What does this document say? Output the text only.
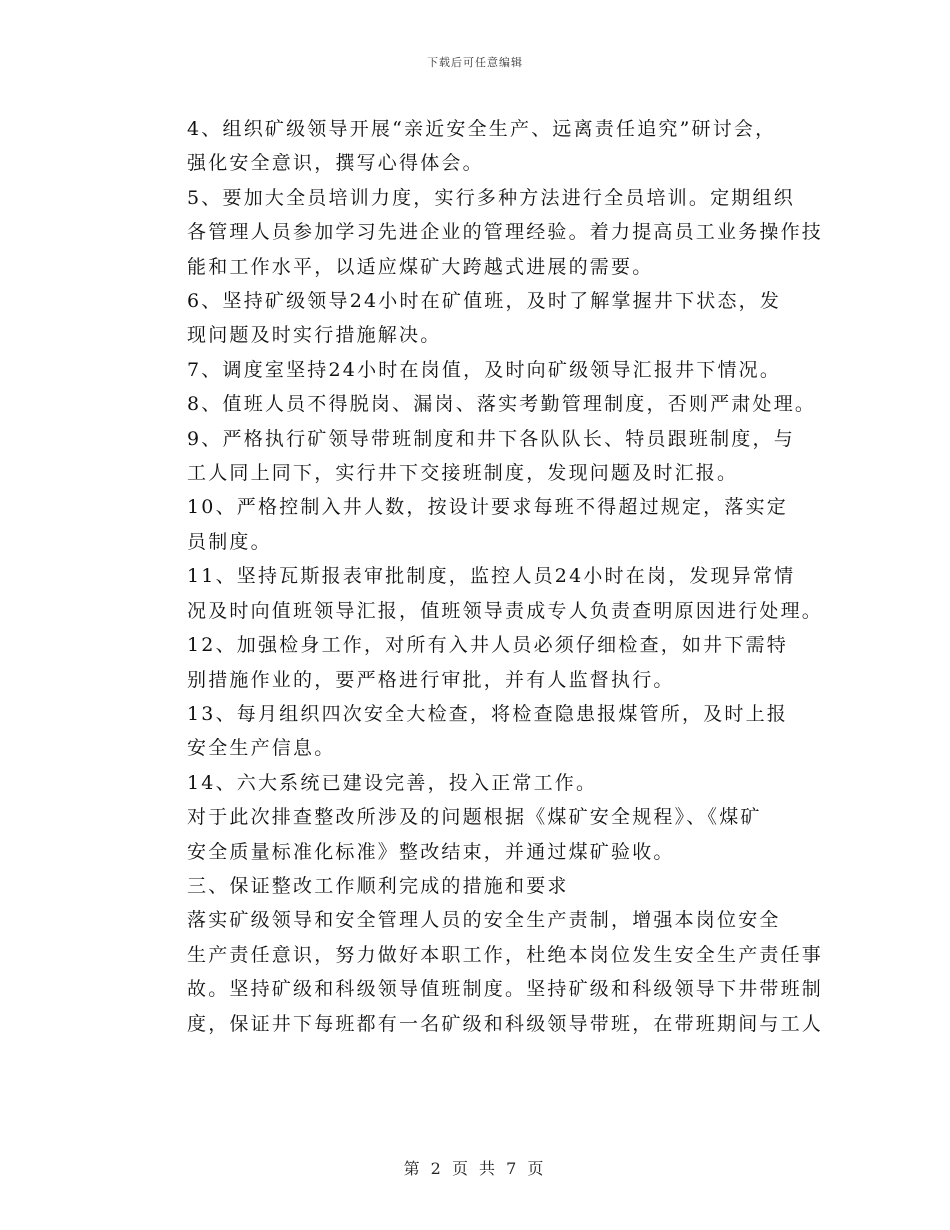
下载后可任意编辑

4、组织矿级领导开展“亲近安全生产、远离责任追究”研讨会，
强化安全意识，撰写心得体会。

5、要加大全员培训力度，实行多种方法进行全员培训。定期组织
各管理人员参加学习先进企业的管理经验。着力提高员工业务操作技
能和工作水平，以适应煤矿大跨越式进展的需要。

6、坚持矿级领导24小时在矿值班，及时了解掌握井下状态，发
现问题及时实行措施解决。

7、调度室坚持24小时在岗值，及时向矿级领导汇报井下情况。

8、值班人员不得脱岗、漏岗、落实考勤管理制度，否则严肃处理。

9、严格执行矿领导带班制度和井下各队队长、特员跟班制度，与
工人同上同下，实行井下交接班制度，发现问题及时汇报。

10、严格控制入井人数，按设计要求每班不得超过规定，落实定
员制度。

11、坚持瓦斯报表审批制度，监控人员24小时在岗，发现异常情
况及时向值班领导汇报，值班领导责成专人负责查明原因进行处理。

12、加强检身工作，对所有入井人员必须仔细检查，如井下需特
别措施作业的，要严格进行审批，并有人监督执行。

13、每月组织四次安全大检查，将检查隐患报煤管所，及时上报
安全生产信息。

14、六大系统已建设完善，投入正常工作。

对于此次排查整改所涉及的问题根据《煤矿安全规程》、《煤矿
安全质量标准化标准》整改结束，并通过煤矿验收。

三、保证整改工作顺利完成的措施和要求

落实矿级领导和安全管理人员的安全生产责制，增强本岗位安全
生产责任意识，努力做好本职工作，杜绝本岗位发生安全生产责任事
故。坚持矿级和科级领导值班制度。坚持矿级和科级领导下井带班制
度，保证井下每班都有一名矿级和科级领导带班，在带班期间与工人

第 2 页 共 7 页
